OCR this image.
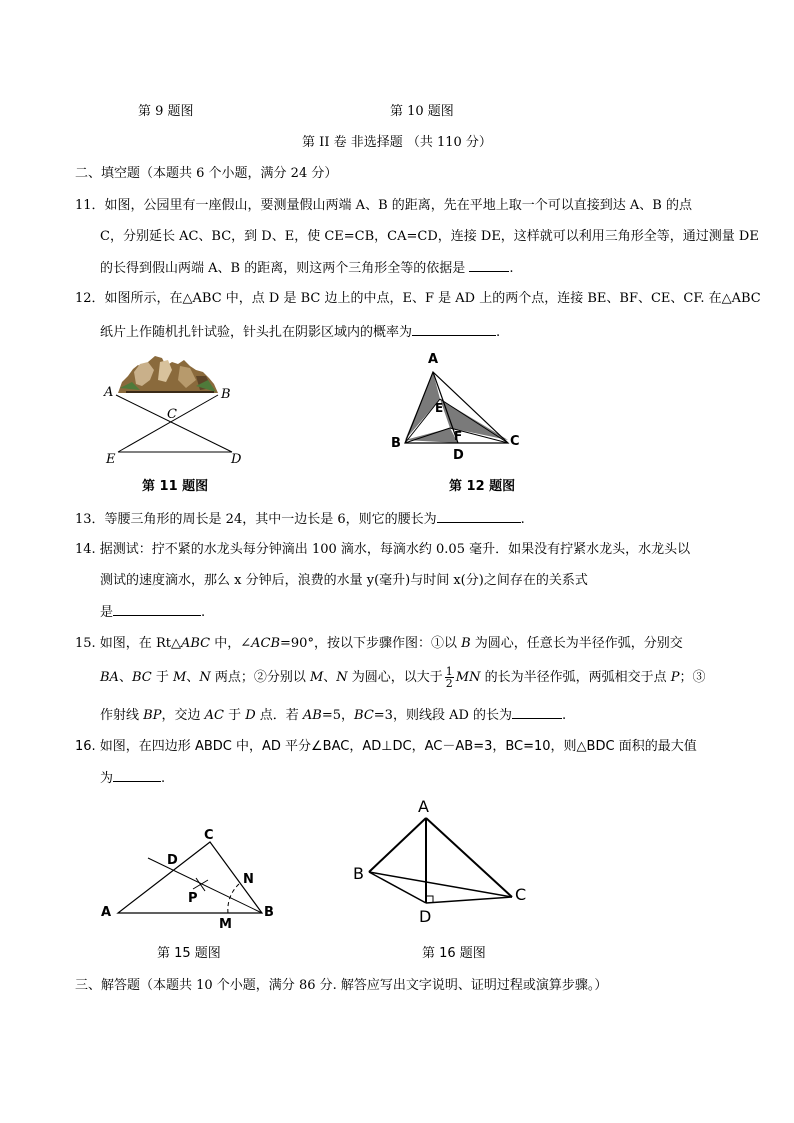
第 9 题图	第 10 题图
第 II 卷 非选择题 （共 110 分）
二、填空题（本题共 6 个小题，满分 24 分）
11．如图，公园里有一座假山，要测量假山两端 A、B 的距离，先在平地上取一个可以直接到达 A、B 的点
C，分别延长 AC、BC，到 D、E，使 CE=CB，CA=CD，连接 DE，这样就可以利用三角形全等，通过测量 DE
的长得到假山两端 A、B 的距离，则这两个三角形全等的依据是	.
12．如图所示，在△ABC 中，点 D 是 BC 边上的中点，E、F 是 AD 上的两个点，连接 BE、BF、CE、CF. 在△ABC
纸片上作随机扎针试验，针头扎在阴影区域内的概率为	.
A	B
C
E	D
第 11 题图
A
E
F
B	C
D
第 12 题图
13．等腰三角形的周长是 24，其中一边长是 6，则它的腰长为	.
14. 据测试：拧不紧的水龙头每分钟滴出 100 滴水，每滴水约 0.05 毫升．如果没有拧紧水龙头，水龙头以
测试的速度滴水，那么 x 分钟后，浪费的水量 y(毫升)与时间 x(分)之间存在的关系式
是	.
15. 如图，在 Rt△ABC 中，∠ACB=90°，按以下步骤作图：①以 B 为圆心，任意长为半径作弧，分别交
BA、BC 于 M、N 两点；②分别以 M、N 为圆心，以大于 $\frac{1}{2}$ MN 的长为半径作弧，两弧相交于点 P；③
作射线 BP，交边 AC 于 D 点．若 AB=5，BC=3，则线段 AD 的长为	.
16. 如图，在四边形 ABDC 中，AD 平分∠BAC，AD⊥DC，AC－AB=3，BC=10，则△BDC 面积的最大值
为	.
C
D
N
P
A	B
M
第 15 题图
A
B
C
D
第 16 题图
三、解答题（本题共 10 个小题，满分 86 分. 解答应写出文字说明、证明过程或演算步骤。）
